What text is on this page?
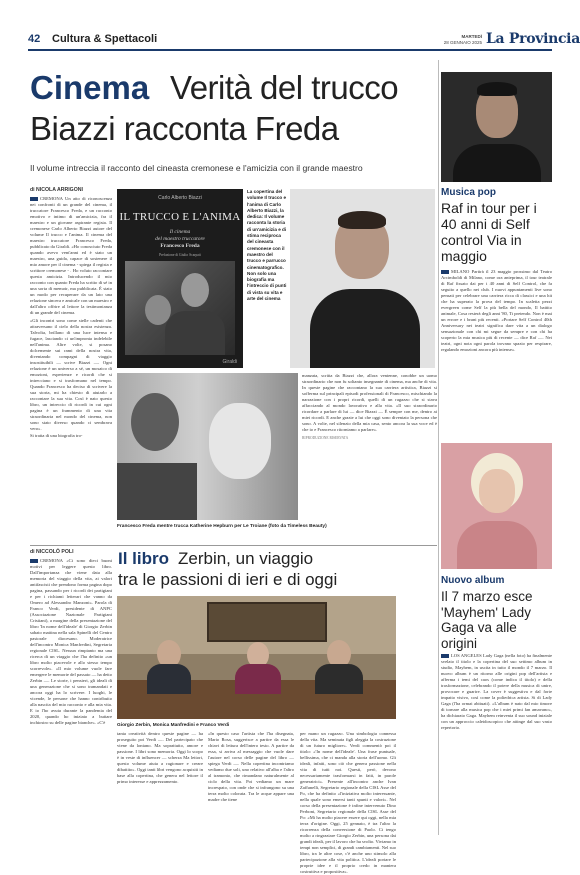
42 Cultura & Spettacoli	MARTEDÌ
28 GENNAIO 2025 La Provincia
Cinema Verità del trucco
Biazzi racconta Freda
Il volume intreccia il racconto del cineasta cremonese e l'amicizia con il grande maestro
di NICOLA ARRIGONI

CREMONA Un atto di riconoscenza nei confronti di un grande del cinema, il truccatore Francesco Freda, e un racconto emotivo e intimo di un'amicizia, fra il maestro e un giovane aspirante regista. Il cremonese Carlo Alberto Biazzi autore del volume Il trucco e l'anima. Il cinema del maestro truccatore Francesco Freda, pubblicato da Giraldi. «Ho conosciuto Freda quando avevo vent'anni ed è stato un maestro, una guida, capace di sostenere il mio amore per il cinema - spiega il regista e scrittore cremonese - . Ho voluto raccontare questa amicizia. Introducendo il mio racconto con quanto Freda ha scritto di sé in una sorta di memoir, ma pubblicata. È stato un modo per recuperare da un lato una relazione sincera e amicale con un maestro e dall'altro offrire al lettore la testimonianza di un grande del cinema.

«Gli incontri sono come stelle cadenti che attraversano il cielo della nostra esistenza. Talvolta, brillano di una luce intensa e fugace, lasciando ci un'impronta indelebile nell'anima. Altre volte, si posano dolcemente sui rami della nostra vita, diventando compagni di viaggio insostituibili — scrive Biazzi —. Ogni relazione è un universo a sé, un mosaico di emozioni, esperienze e ricordi che si intrecciano e si trasformano nel tempo. Quando Francesco ha deciso di scrivere la sua storia, mi ha chiesto di aiutarlo a raccontare la sua vita. Così è nato questo libro, un intreccio di ricordi in cui ogni pagina è un frammento di una vita straordinaria nel mondo del cinema, non sono stato diverso quando ci sembrava vero».

Si tratta di una biografia tro-

Carlo Alberto Biazzi
IL TRUCCO E L'ANIMA
Il cinema
del maestro truccatore
Francesco Freda
Prefazione di Giulio Scarpati
Giraldi
La copertina del volume Il trucco e l'anima di Carlo Alberto Biazzi, la dedica: Il volume racconta la storia di un'amicizia e di stima reciproca del cineasta cremonese con il maestro del trucco e parrucco cinematografico. Non solo una biografia ma l'intreccio di punti di vista su vita e arte del cinema
Francesco Freda mentre trucca Katherine Hepburn per Le Troiane (foto da Timeless Beauty)

manzata, scritta da Biazzi che, allora ventenne, conobbe un uomo straordinario che non fu soltanto insegnante di cinema, ma anche di vita. In queste pagine che raccontano la sua carriera artistica, Biazzi si sofferma sul principali episodi professionali di Francesco, mischiando la narrazione con i propri ricordi, quelli di un ragazzo che si stava affacciando al mondo lavorativo e alla vita. «Il suo straordinario ricordare a parlare di lui — dice Biazzi — È sempre con me, dentro ai miei ricordi. E anche grazie a lui che oggi sono diventato la persona che sono. A volte, nel silenzio della mia casa, sento ancora la sua voce ed è che io e Francesco ritorniamo a parlare».

RIPRODUZIONE RISERVATA

Musica pop
Raf in tour per i 40 anni di Self control Via in maggio

MILANO Partirà il 23 maggio prossimo dal Teatro Arcimboldi di Milano, come ora anteprima, il tour teatrale di Raf fissato dai per i 40 anni di Self Control, che fa seguito a quello nei club. I nuovi appuntamenti live sono pensati per celebrare una carriera ricca di classici e una hit che ha superato la prova del tempo. In scaletta pezzi evergreen come Self la più bella del mondo, Il battito animale, Cosa resterà degli anni '80, Ti pretendo. Non è mai un errore e i brani più recenti. «Portare Self Control 40th Anniversary nei teatri significa dare vita a un dialogo sensazionale con chi mi segue da sempre e con chi ha scoperto la mia musica più di recente — dice Raf —. Nei teatri, ogni nota ogni parola trovano spazio per respirare, regalando emozioni ancora più intense».

di NICCOLÒ POLI

CREMONA «Ci sono dieci buoni motivi per leggere questo libro. Dall'importanza che viene data alla memoria del viaggio della vita, ai valori antifascisti che prendono forma pagina dopo pagina, passando per i ricordi dei partigiani e per i richiami letterari che vanno da Omero ad Alessandro Manzoni». Parola di Franco Verdi, presidente di ANPC (Associazione Nazionale Partigiani Cristiani), a margine della presentazione del libro 'In nome dell'ideale' di Giorgio Zerbin sabato mattina nella sala Spinelli del Centro pastorale diocesano. Moderatrice dell'incontro Monica Manfredini, Segretaria regionale CISL. Nessun rimpianto ma una ricerca di un viaggio che l'ha definito «un libro molto piacevole e allo stesso tempo scorrevole». «Il mio volume vuole fare emergere le memorie del passato — ha detto Zerbin —. Le storie, i pensieri, gli ideali di una generazione che si sono tramandati e ancora oggi ha lo scrivere. I luoghi, le vicende, le persone che hanno contribuito alla nascita del mio racconto e alla mia vita. E io l'ho avuta durante la pandemia del 2020, quando ho iniziato a buttare inchiostro su delle pagine bianche». «C'è

Il libro Zerbin, un viaggio
tra le passioni di ieri e di oggi
Giorgio Zerbin, Monica Manfredini e Franco Verdi

tanta creatività dentro queste pagine — ha proseguito poi Verdi —. Del partecipato che viene da lontano. Ma soprattutto, amore e passione. I libri sono memoria. Oggi lo scopo è in veste di influencer — scherza Ma lettori, questo volume aiuta a ragionare e creare dibattito». Oggi tanti libri vengono acquisiti in base alla copertina, che genera nel lettore il primo interesse e apprezzamento.

«In questo caso l'artista che l'ha disegnata, Mario Rosa, suggerisce a partire da essa le chiavi di lettura dell'intero testo. A partire da essa, si arriva al messaggio che vuole dare l'autore nel corso delle pagine del libro — spiega Verdi —. Nella copertina incontriamo vediamo due soli, uno relativo all'alba e l'altro al tramonto, che rimandano naturalmente al ciclo della vita. Poi vediamo un mare increspato, con onde che si infrangono su una terra molto colorata. Tra le acque appare una madre che tiene

per mano un ragazzo. Una simbologia connessa della vita. Ma seminata figli aleggia la costruzione di un futuro migliore». Verdi commentò poi il titolo: «'In nome dell'ideale'. Una frase puntuale, bellissima, che ci manda alla storia dell'uomo. Gli ideali, infatti, sono ciò che genera passione nella vita di tutti noi. Questi, però, devono necessariamente trasformarsi in fatti, in parole generatrici». Presente all'incontro anche Ivan Zaffanelli, Segretario regionale della CISL Asse del Po, che ha definito «l'iniziativa molto interessante, nella quale sono emersi tanti spunti e valori». Nel corso della presentazione è infine intervenuto Dino Perboni, Segretario regionale della CISL Asse del Po: «Mi ha molto piacere essere qui oggi, nella mia terra d'origine. Oggi, 25 gennaio, è tra l'altro la ricorrenza della conversione di Paolo. Ci tengo molto a ringraziare Giorgio Zerbin, una persona dai grandi ideali, per il lavoro che ha svolto. Viviamo in tempi non semplici, di grandi cambiamenti. Nel suo libro, tra le altre cose, c'è anche uno stimolo alla partecipazione alla vita politica. L'ideali portare le proprie idee e il proprio credo in maniera costruttiva e propositiva».

Nuovo album
Il 7 marzo esce 'Mayhem' Lady Gaga va alle origini

LOS ANGELES Lady Gaga (nella foto) ha finalmente svelato il titolo e la copertina del suo settimo album in studio, Mayhem, in uscita in tutto il mondo il 7 marzo. Il nuovo album è un ritorno alle origini pop dell'artista e afferma i temi del caos (come indica il titolo) e della trasformazione, celebrando il potere della musica di unire, provocare e guarire. La cover è suggestiva e dal forte impatto visivo, così come la poliedrica artista. Si di Lady Gaga (l'ha ormai abituati). «L'album è nato dal mio timore di tornare alla musica pop che i miei primi fan amavano», ha dichiarato Gaga. Mayhem reinventa il suo sound iniziale con un approccio caleidoscopico che attinge dal suo vasto repertorio.
